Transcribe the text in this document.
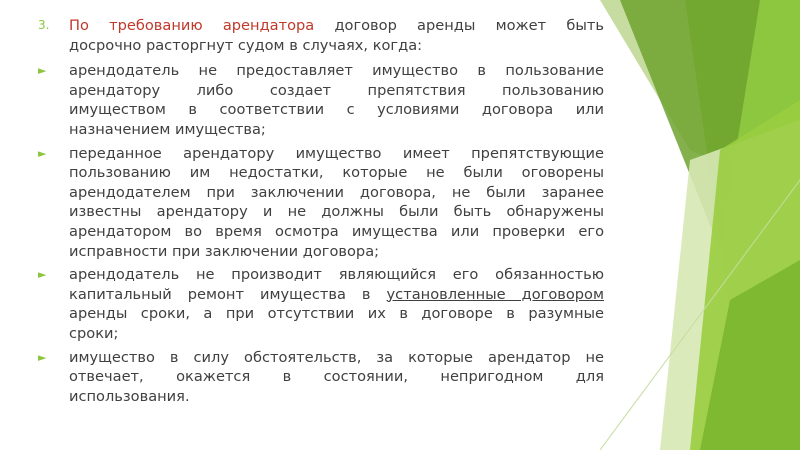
3. По требованию арендатора договор аренды может быть
досрочно расторгнут судом в случаях, когда:
► арендодатель не предоставляет имущество в пользование
арендатору либо создает препятствия пользованию
имуществом в соответствии с условиями договора или
назначением имущества;
► переданное арендатору имущество имеет препятствующие
пользованию им недостатки, которые не были оговорены
арендодателем при заключении договора, не были заранее
известны арендатору и не должны были быть обнаружены
арендатором во время осмотра имущества или проверки его
исправности при заключении договора;
► арендодатель не производит являющийся его обязанностью
капитальный ремонт имущества в установленные договором
аренды сроки, а при отсутствии их в договоре в разумные
сроки;
► имущество в силу обстоятельств, за которые арендатор не
отвечает, окажется в состоянии, непригодном для
использования.
